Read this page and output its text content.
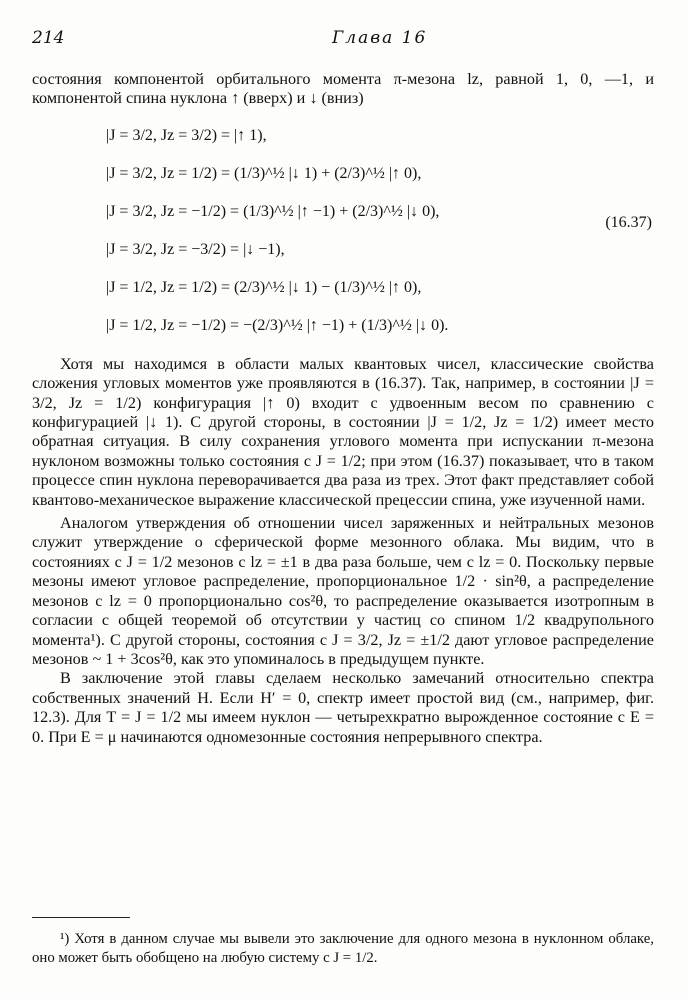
214	Глава 16

состояния компонентой орбитального момента π-мезона lz, равной 1, 0, —1, и компонентой спина нуклона ↑ (вверх) и ↓ (вниз)

|J = 3/2, Jz = 3/2) = |↑ 1),
|J = 3/2, Jz = 1/2) = (1/3)^½ |↓ 1) + (2/3)^½ |↑ 0),
|J = 3/2, Jz = −1/2) = (1/3)^½ |↑ −1) + (2/3)^½ |↓ 0),
|J = 3/2, Jz = −3/2) = |↓ −1),
|J = 1/2, Jz = 1/2) = (2/3)^½ |↓ 1) − (1/3)^½ |↑ 0),
|J = 1/2, Jz = −1/2) = −(2/3)^½ |↑ −1) + (1/3)^½ |↓ 0).
(16.37)

Хотя мы находимся в области малых квантовых чисел, классические свойства сложения угловых моментов уже проявляются в (16.37). Так, например, в состоянии |J = 3/2, Jz = 1/2) конфигурация |↑ 0) входит с удвоенным весом по сравнению с конфигурацией |↓ 1). С другой стороны, в состоянии |J = 1/2, Jz = 1/2) имеет место обратная ситуация. В силу сохранения углового момента при испускании π-мезона нуклоном возможны только состояния с J = 1/2; при этом (16.37) показывает, что в таком процессе спин нуклона переворачивается два раза из трех. Этот факт представляет собой квантово-механическое выражение классической прецессии спина, уже изученной нами.

Аналогом утверждения об отношении чисел заряженных и нейтральных мезонов служит утверждение о сферической форме мезонного облака. Мы видим, что в состояниях с J = 1/2 мезонов с lz = ±1 в два раза больше, чем с lz = 0. Поскольку первые мезоны имеют угловое распределение, пропорциональное 1/2 · sin²θ, а распределение мезонов с lz = 0 пропорционально cos²θ, то распределение оказывается изотропным в согласии с общей теоремой об отсутствии у частиц со спином 1/2 квадрупольного момента¹). С другой стороны, состояния с J = 3/2, Jz = ±1/2 дают угловое распределение мезонов ~ 1 + 3cos²θ, как это упоминалось в предыдущем пункте.

В заключение этой главы сделаем несколько замечаний относительно спектра собственных значений H. Если H′ = 0, спектр имеет простой вид (см., например, фиг. 12.3). Для T = J = 1/2 мы имеем нуклон — четырехкратно вырожденное состояние с E = 0. При E = μ начинаются одномезонные состояния непрерывного спектра.

¹) Хотя в данном случае мы вывели это заключение для одного мезона в нуклонном облаке, оно может быть обобщено на любую систему с J = 1/2.
